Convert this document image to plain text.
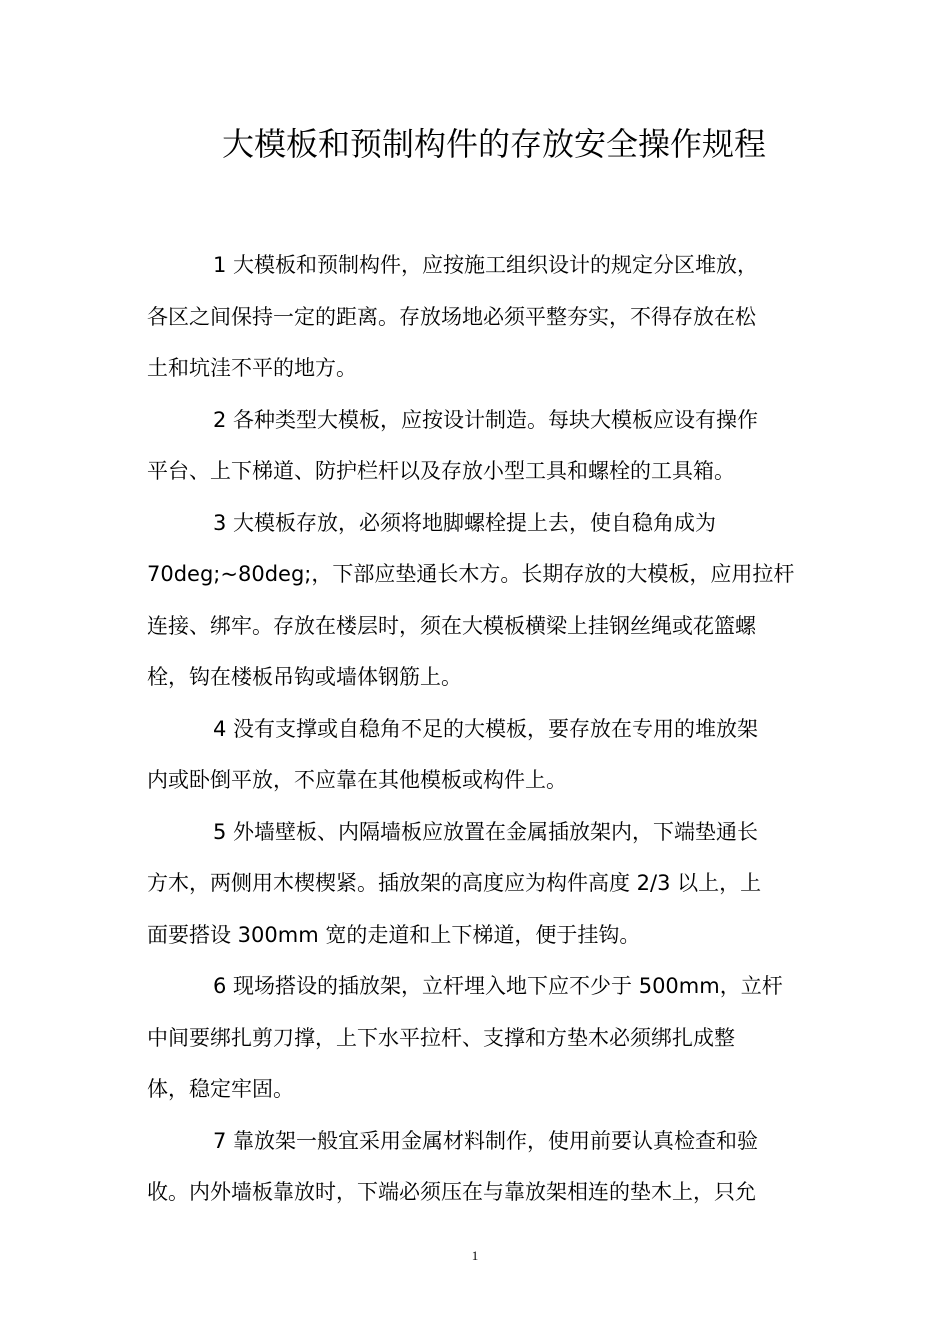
大模板和预制构件的存放安全操作规程
1 大模板和预制构件，应按施工组织设计的规定分区堆放，
各区之间保持一定的距离。存放场地必须平整夯实，不得存放在松
土和坑洼不平的地方。
2 各种类型大模板，应按设计制造。每块大模板应设有操作
平台、上下梯道、防护栏杆以及存放小型工具和螺栓的工具箱。
3 大模板存放，必须将地脚螺栓提上去，使自稳角成为
70deg;~80deg;，下部应垫通长木方。长期存放的大模板，应用拉杆
连接、绑牢。存放在楼层时，须在大模板横梁上挂钢丝绳或花篮螺
栓，钩在楼板吊钩或墙体钢筋上。
4 没有支撑或自稳角不足的大模板，要存放在专用的堆放架
内或卧倒平放，不应靠在其他模板或构件上。
5 外墙壁板、内隔墙板应放置在金属插放架内，下端垫通长
方木，两侧用木楔楔紧。插放架的高度应为构件高度 2/3 以上，上
面要搭设 300mm 宽的走道和上下梯道，便于挂钩。
6 现场搭设的插放架，立杆埋入地下应不少于 500mm，立杆
中间要绑扎剪刀撑，上下水平拉杆、支撑和方垫木必须绑扎成整
体，稳定牢固。
7 靠放架一般宜采用金属材料制作，使用前要认真检查和验
收。内外墙板靠放时，下端必须压在与靠放架相连的垫木上，只允
1
